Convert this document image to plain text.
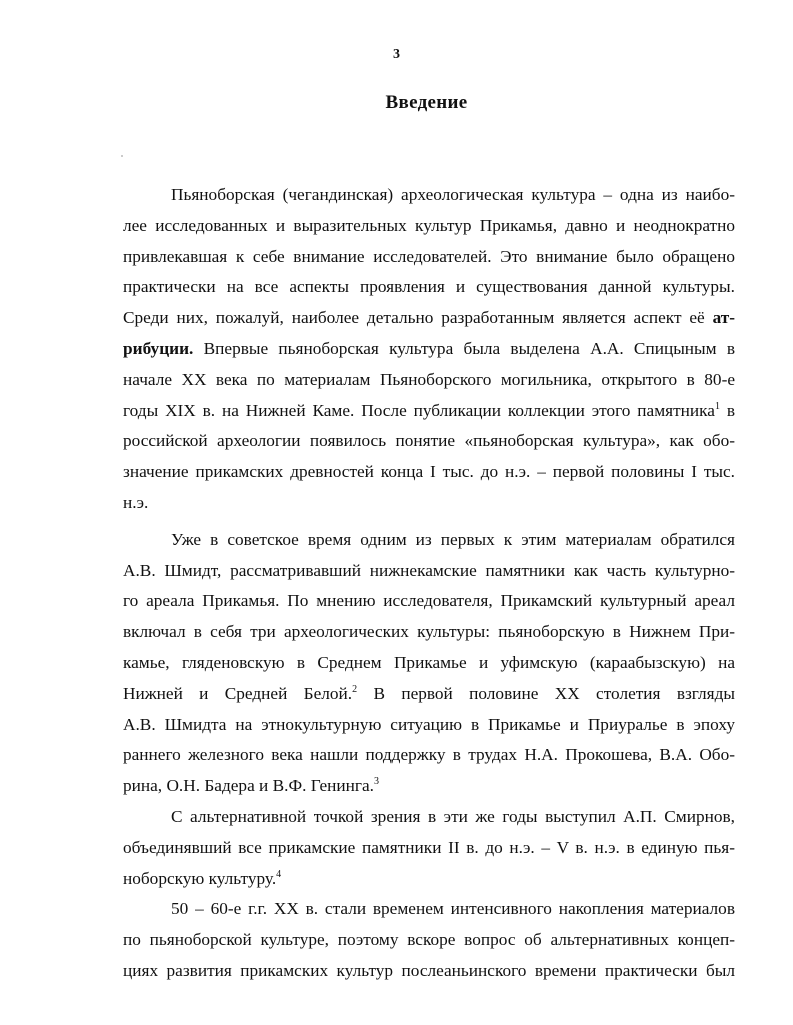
3
Введение
Пьяноборская (чегандинская) археологическая культура – одна из наибо-
лее исследованных и выразительных культур Прикамья, давно и неоднократно
привлекавшая к себе внимание исследователей. Это внимание было обращено
практически на все аспекты проявления и существования данной культуры.
Среди них, пожалуй, наиболее детально разработанным является аспект её ат-
рибуции. Впервые пьяноборская культура была выделена А.А. Спицыным в
начале XX века по материалам Пьяноборского могильника, открытого в 80-е
годы XIX в. на Нижней Каме. После публикации коллекции этого памятника$^1$ в
российской археологии появилось понятие «пьяноборская культура», как обо-
значение прикамских древностей конца I тыс. до н.э. – первой половины I тыс.
н.э.
Уже в советское время одним из первых к этим материалам обратился
А.В. Шмидт, рассматривавший нижнекамские памятники как часть культурно-
го ареала Прикамья. По мнению исследователя, Прикамский культурный ареал
включал в себя три археологических культуры: пьяноборскую в Нижнем При-
камье, гляденовскую в Среднем Прикамье и уфимскую (караабызскую) на
Нижней и Средней Белой.$^2$ В первой половине XX столетия взгляды
А.В. Шмидта на этнокультурную ситуацию в Прикамье и Приуралье в эпоху
раннего железного века нашли поддержку в трудах Н.А. Прокошева, В.А. Обо-
рина, О.Н. Бадера и В.Ф. Генинга.$^3$
С альтернативной точкой зрения в эти же годы выступил А.П. Смирнов,
объединявший все прикамские памятники II в. до н.э. – V в. н.э. в единую пья-
ноборскую культуру.$^4$
50 – 60-е г.г. XX в. стали временем интенсивного накопления материалов
по пьяноборской культуре, поэтому вскоре вопрос об альтернативных концеп-
циях развития прикамских культур послеаньинского времени практически был
